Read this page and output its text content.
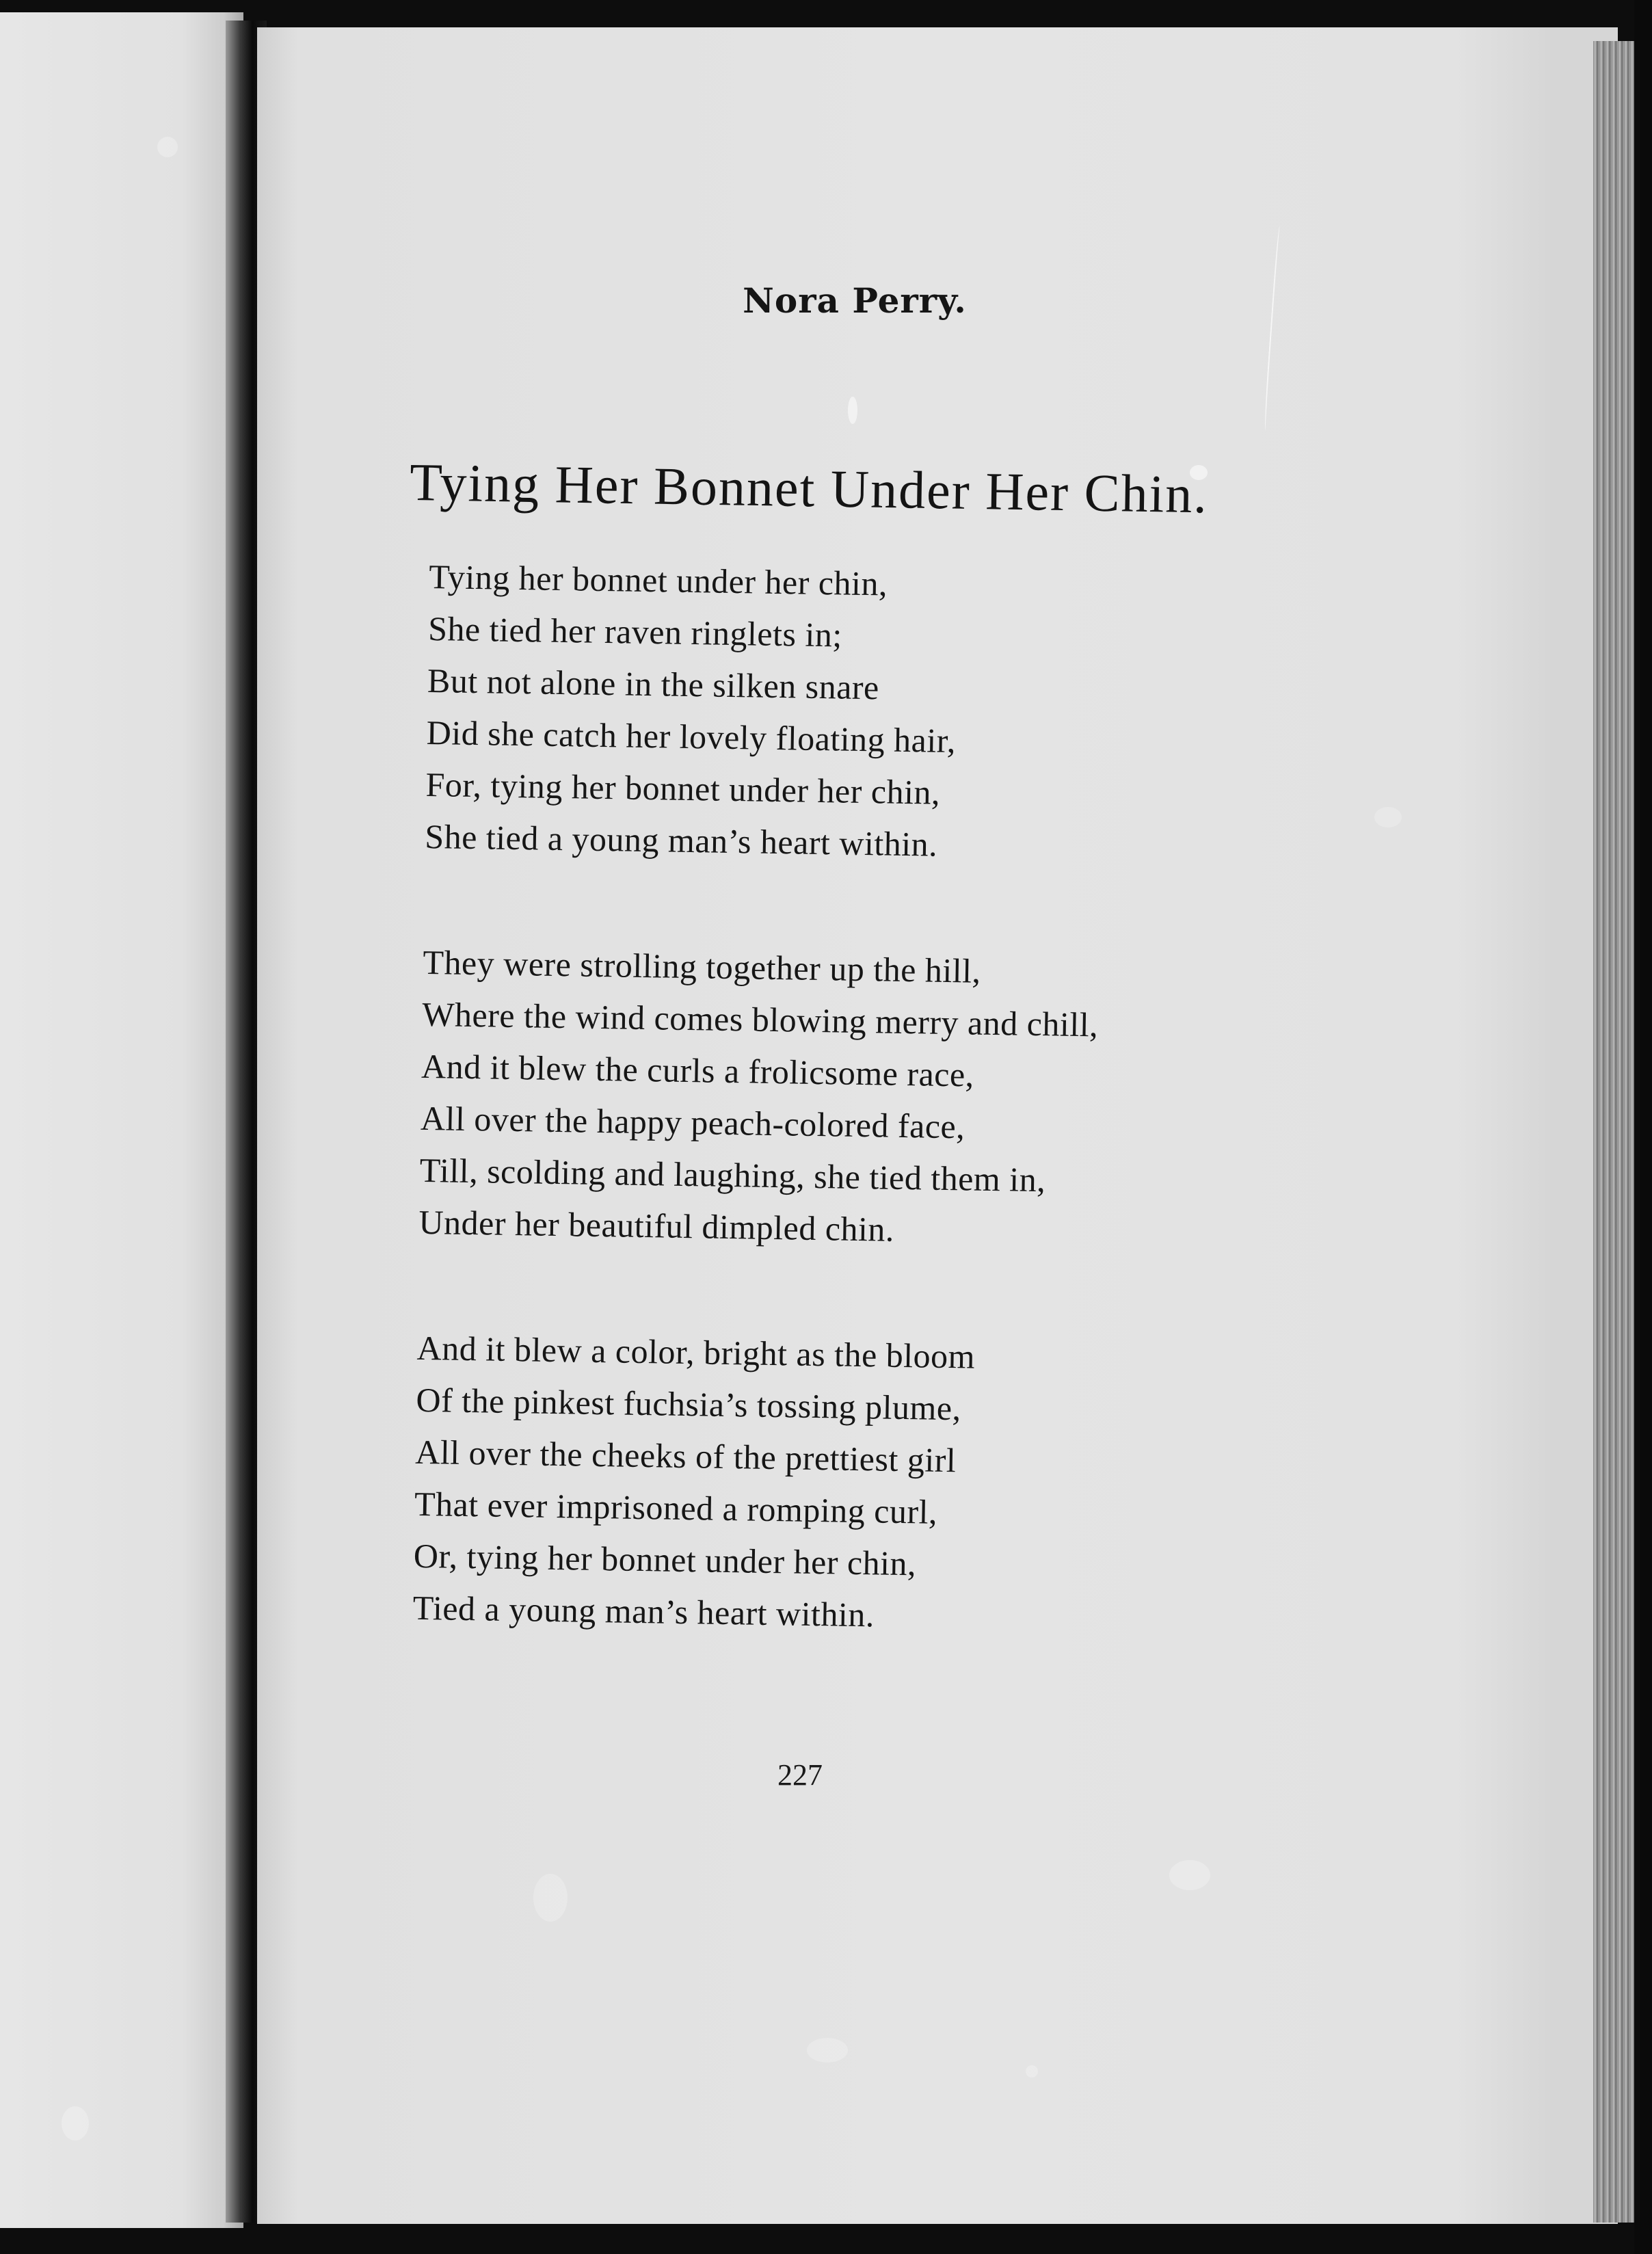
Nora Perry.
Tying Her Bonnet Under Her Chin.
Tying her bonnet under her chin,
She tied her raven ringlets in;
But not alone in the silken snare
Did she catch her lovely floating hair,
For, tying her bonnet under her chin,
She tied a young man’s heart within.
They were strolling together up the hill,
Where the wind comes blowing merry and chill,
And it blew the curls a frolicsome race,
All over the happy peach-colored face,
Till, scolding and laughing, she tied them in,
Under her beautiful dimpled chin.
And it blew a color, bright as the bloom
Of the pinkest fuchsia’s tossing plume,
All over the cheeks of the prettiest girl
That ever imprisoned a romping curl,
Or, tying her bonnet under her chin,
Tied a young man’s heart within.
227
